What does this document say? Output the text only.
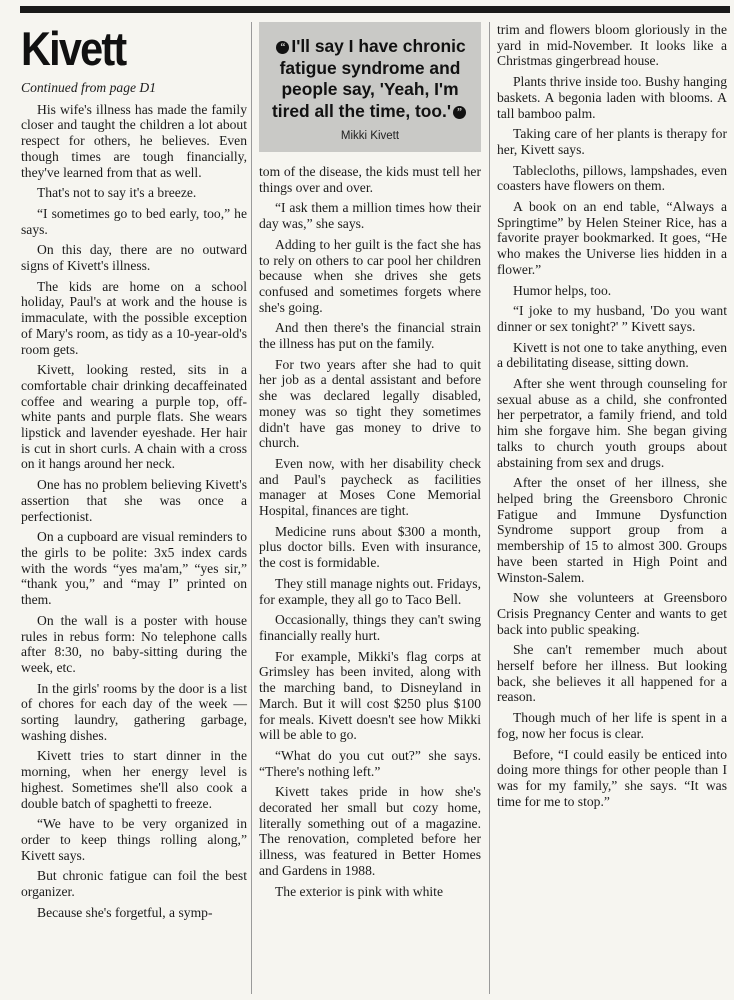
Kivett
Continued from page D1

His wife's illness has made the family closer and taught the children a lot about respect for others, he believes. Even though times are tough financially, they've learned from that as well.

That's not to say it's a breeze.

“I sometimes go to bed early, too,” he says.

On this day, there are no outward signs of Kivett's illness.

The kids are home on a school holiday, Paul's at work and the house is immaculate, with the possible exception of Mary's room, as tidy as a 10-year-old's room gets.

Kivett, looking rested, sits in a comfortable chair drinking decaffeinated coffee and wearing a purple top, off-white pants and purple flats. She wears lipstick and lavender eyeshade. Her hair is cut in short curls. A chain with a cross on it hangs around her neck.

One has no problem believing Kivett's assertion that she was once a perfectionist.

On a cupboard are visual reminders to the girls to be polite: 3x5 index cards with the words “yes ma'am,” “yes sir,” “thank you,” and “may I” printed on them.

On the wall is a poster with house rules in rebus form: No telephone calls after 8:30, no baby-sitting during the week, etc.

In the girls' rooms by the door is a list of chores for each day of the week — sorting laundry, gathering garbage, washing dishes.

Kivett tries to start dinner in the morning, when her energy level is highest. Sometimes she'll also cook a double batch of spaghetti to freeze.

“We have to be very organized in order to keep things rolling along,” Kivett says.

But chronic fatigue can foil the best organizer.

Because she's forgetful, a symp-

“ I'll say I have chronic fatigue syndrome and people say, 'Yeah, I'm tired all the time, too.' ”
Mikki Kivett

tom of the disease, the kids must tell her things over and over.

“I ask them a million times how their day was,” she says.

Adding to her guilt is the fact she has to rely on others to car pool her children because when she drives she gets confused and sometimes forgets where she's going.

And then there's the financial strain the illness has put on the family.

For two years after she had to quit her job as a dental assistant and before she was declared legally disabled, money was so tight they sometimes didn't have gas money to drive to church.

Even now, with her disability check and Paul's paycheck as facilities manager at Moses Cone Memorial Hospital, finances are tight.

Medicine runs about $300 a month, plus doctor bills. Even with insurance, the cost is formidable.

They still manage nights out. Fridays, for example, they all go to Taco Bell.

Occasionally, things they can't swing financially really hurt.

For example, Mikki's flag corps at Grimsley has been invited, along with the marching band, to Disneyland in March. But it will cost $250 plus $100 for meals. Kivett doesn't see how Mikki will be able to go.

“What do you cut out?” she says. “There's nothing left.”

Kivett takes pride in how she's decorated her small but cozy home, literally something out of a magazine. The renovation, completed before her illness, was featured in Better Homes and Gardens in 1988.

The exterior is pink with white

trim and flowers bloom gloriously in the yard in mid-November. It looks like a Christmas gingerbread house.

Plants thrive inside too. Bushy hanging baskets. A begonia laden with blooms. A tall bamboo palm.

Taking care of her plants is therapy for her, Kivett says.

Tablecloths, pillows, lampshades, even coasters have flowers on them.

A book on an end table, “Always a Springtime” by Helen Steiner Rice, has a favorite prayer bookmarked. It goes, “He who makes the Universe lies hidden in a flower.”

Humor helps, too.

“I joke to my husband, 'Do you want dinner or sex tonight?' ” Kivett says.

Kivett is not one to take anything, even a debilitating disease, sitting down.

After she went through counseling for sexual abuse as a child, she confronted her perpetrator, a family friend, and told him she forgave him. She began giving talks to church youth groups about abstaining from sex and drugs.

After the onset of her illness, she helped bring the Greensboro Chronic Fatigue and Immune Dysfunction Syndrome support group from a membership of 15 to almost 300. Groups have been started in High Point and Winston-Salem.

Now she volunteers at Greensboro Crisis Pregnancy Center and wants to get back into public speaking.

She can't remember much about herself before her illness. But looking back, she believes it all happened for a reason.

Though much of her life is spent in a fog, now her focus is clear.

Before, “I could easily be enticed into doing more things for other people than I was for my family,” she says. “It was time for me to stop.”
